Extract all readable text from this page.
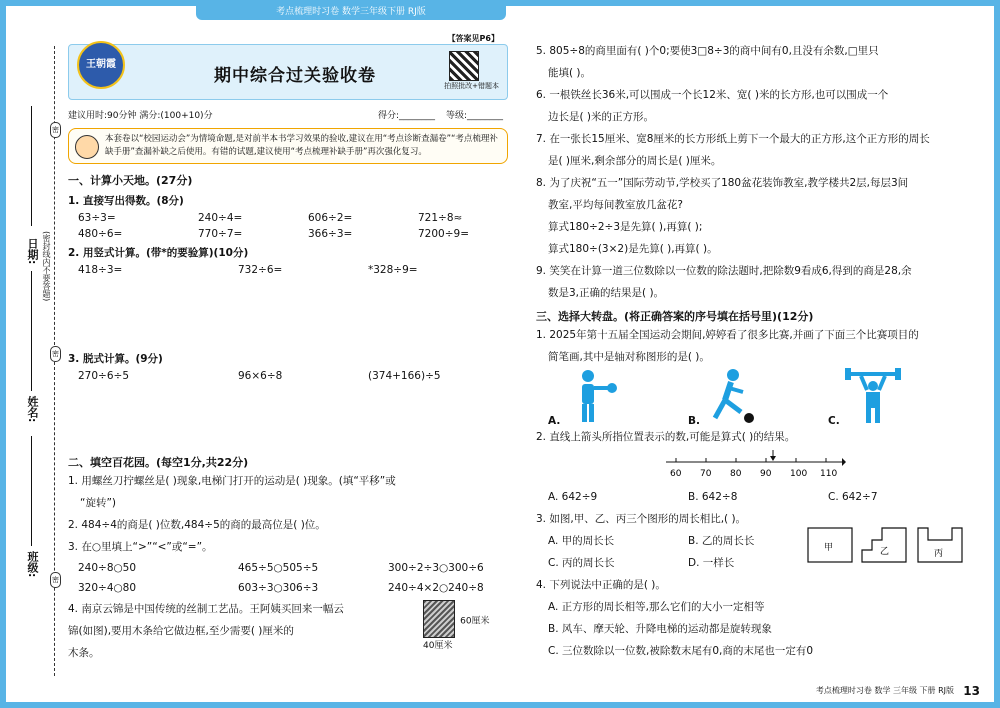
考点梳理时习卷 数学三年级下册 RJ版
日期:
姓名:
班级:
(密封线内不要答题)
密
密
密
【答案见P6】
王朝霞
期中综合过关验收卷	拍照批改+错题本
建议用时:90分钟 满分:(100+10)分	得分:________ 等级:________
本套卷以“校园运动会”为情境命题,是对前半本书学习效果的验收,建议在用“考点诊断查漏卷”“考点梳理补缺手册”查漏补缺之后使用。有错的试题,建议使用“考点梳理补缺手册”再次强化复习。
一、计算小天地。(27分)
1. 直接写出得数。(8分)
63÷3=	240÷4=	606÷2=	721÷8≈
480÷6=	770÷7=	366÷3=	7200÷9=
2. 用竖式计算。(带*的要验算)(10分)
418÷3=	732÷6=	*328÷9=
3. 脱式计算。(9分)
270÷6÷5	96×6÷8	(374+166)÷5
二、填空百花园。(每空1分,共22分)
1. 用螺丝刀拧螺丝是( )现象,电梯门打开的运动是( )现象。(填“平移”或
“旋转”)
2. 484÷4的商是( )位数,484÷5的商的最高位是( )位。
3. 在○里填上“>”“<”或“=”。
240÷8○50	465÷5○505÷5	300÷2÷3○300÷6
320÷4○80	603÷3○306÷3	240÷4×2○240÷8
4. 南京云锦是中国传统的丝制工艺品。王阿姨买回来一幅云
锦(如图),要用木条给它做边框,至少需要( )厘米的
木条。
60厘米
40厘米
5. 805÷8的商里面有( )个0;要使3□8÷3的商中间有0,且没有余数,□里只
能填( )。
6. 一根铁丝长36米,可以围成一个长12米、宽( )米的长方形,也可以围成一个
边长是( )米的正方形。
7. 在一张长15厘米、宽8厘米的长方形纸上剪下一个最大的正方形,这个正方形的周长
是( )厘米,剩余部分的周长是( )厘米。
8. 为了庆祝“五一”国际劳动节,学校买了180盆花装饰教室,教学楼共2层,每层3间
教室,平均每间教室放几盆花?
算式180÷2÷3是先算( ),再算( );
算式180÷(3×2)是先算( ),再算( )。
9. 笑笑在计算一道三位数除以一位数的除法题时,把除数9看成6,得到的商是28,余
数是3,正确的结果是( )。
三、选择大转盘。(将正确答案的序号填在括号里)(12分)
1. 2025年第十五届全国运动会期间,婷婷看了很多比赛,并画了下面三个比赛项目的
简笔画,其中是轴对称图形的是( )。
A.	B.	C.
2. 直线上箭头所指位置表示的数,可能是算式( )的结果。
60 70 80 90 100 110
A. 642÷9	B. 642÷8	C. 642÷7
3. 如图,甲、乙、丙三个图形的周长相比,( )。
A. 甲的周长长	B. 乙的周长长
C. 丙的周长长	D. 一样长
甲	乙	丙
4. 下列说法中正确的是( )。
A. 正方形的周长相等,那么它们的大小一定相等
B. 风车、摩天轮、升降电梯的运动都是旋转现象
C. 三位数除以一位数,被除数末尾有0,商的末尾也一定有0
考点梳理时习卷 数学 三年级 下册 RJ版 13
